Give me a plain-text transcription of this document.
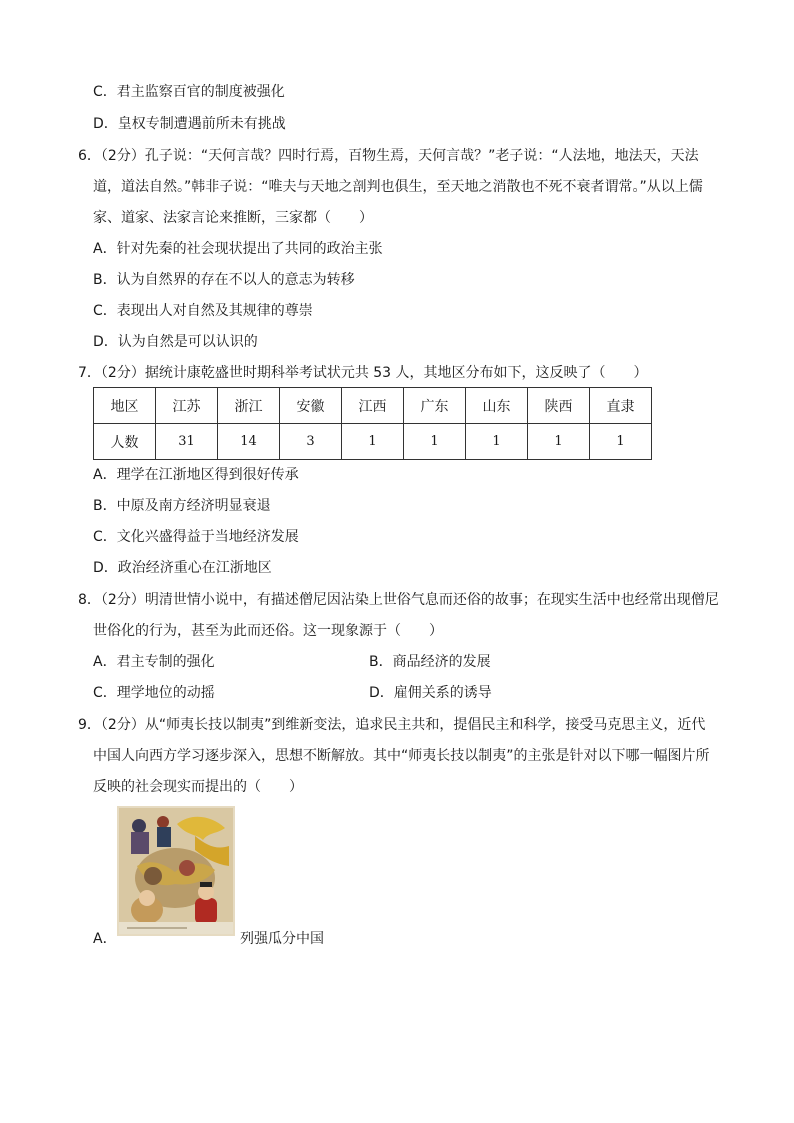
C．君主监察百官的制度被强化
D．皇权专制遭遇前所未有挑战
6．（2分）孔子说：“天何言哉？四时行焉，百物生焉，天何言哉？”老子说：“人法地，地法天，天法
道，道法自然。”韩非子说：“唯夫与天地之剖判也俱生，至天地之消散也不死不衰者谓常。”从以上儒
家、道家、法家言论来推断，三家都（　　）
A．针对先秦的社会现状提出了共同的政治主张
B．认为自然界的存在不以人的意志为转移
C．表现出人对自然及其规律的尊崇
D．认为自然是可以认识的
7．（2分）据统计康乾盛世时期科举考试状元共 53 人，其地区分布如下，这反映了（　　）
地区	江苏	浙江	安徽	江西	广东	山东	陕西	直隶
人数	31	14	3	1	1	1	1	1
A．理学在江浙地区得到很好传承
B．中原及南方经济明显衰退
C．文化兴盛得益于当地经济发展
D．政治经济重心在江浙地区
8．（2分）明清世情小说中，有描述僧尼因沾染上世俗气息而还俗的故事；在现实生活中也经常出现僧尼
世俗化的行为，甚至为此而还俗。这一现象源于（　　）
A．君主专制的强化	B．商品经济的发展
C．理学地位的动摇	D．雇佣关系的诱导
9．（2分）从“师夷长技以制夷”到维新变法，追求民主共和，提倡民主和科学，接受马克思主义，近代
中国人向西方学习逐步深入，思想不断解放。其中“师夷长技以制夷”的主张是针对以下哪一幅图片所
反映的社会现实而提出的（　　）
A．	列强瓜分中国
